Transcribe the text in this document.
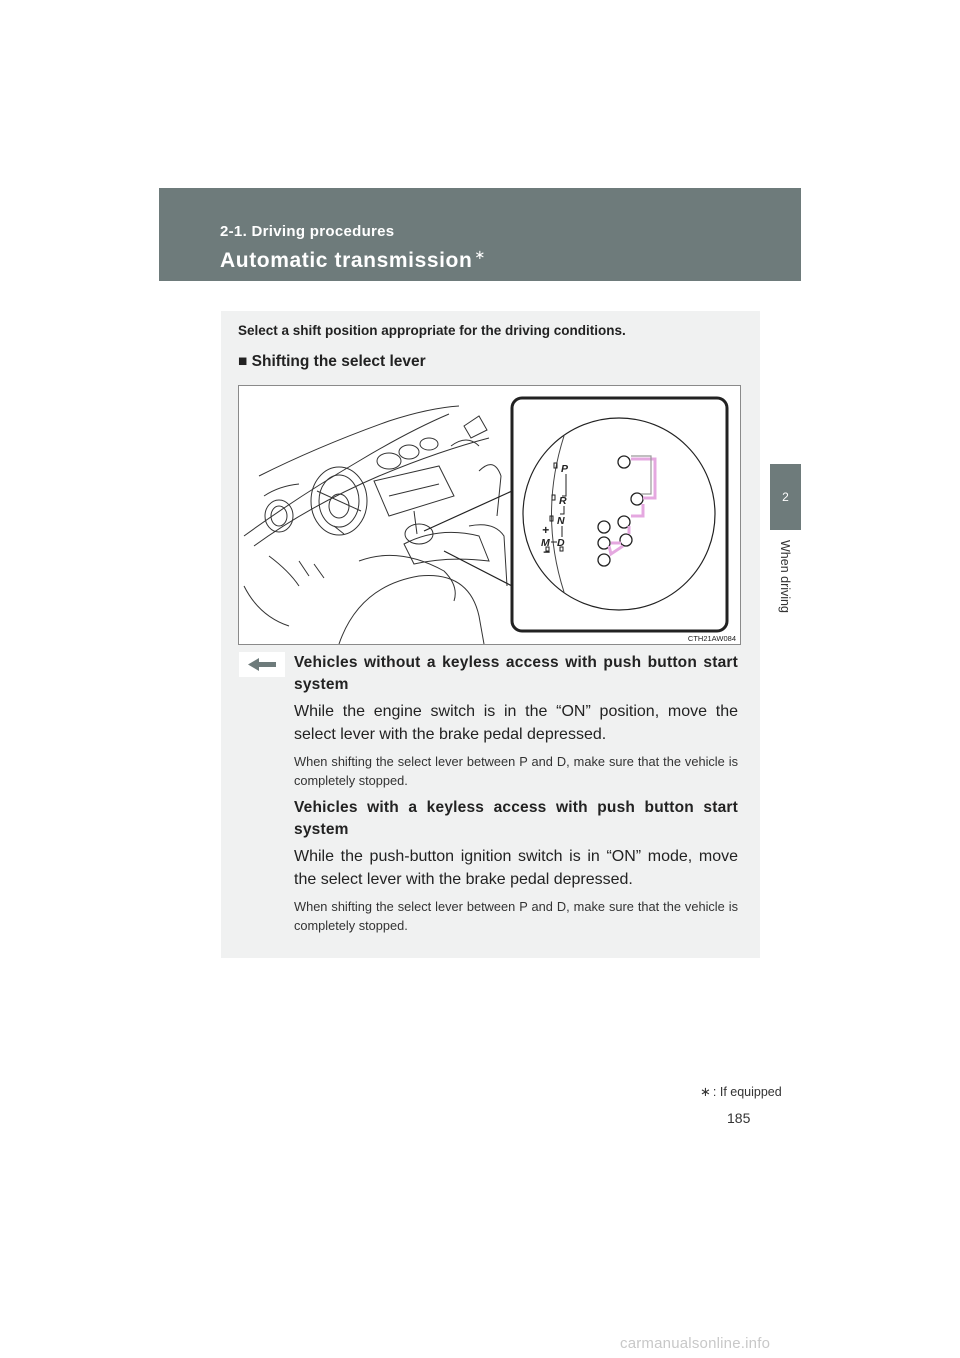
2-1. Driving procedures
Automatic transmission ∗
2
When driving
Select a shift position appropriate for the driving conditions.
■ Shifting the select lever
P
R
N
D
M
+
−
CTH21AW084
Vehicles without a keyless access with push button start system
While the engine switch is in the “ON” position, move the select lever with the brake pedal depressed.
When shifting the select lever between P and D, make sure that the vehicle is completely stopped.
Vehicles with a keyless access with push button start system
While the push-button ignition switch is in “ON” mode, move the select lever with the brake pedal depressed.
When shifting the select lever between P and D, make sure that the vehicle is completely stopped.
∗ : If equipped
185
carmanualsonline.info
